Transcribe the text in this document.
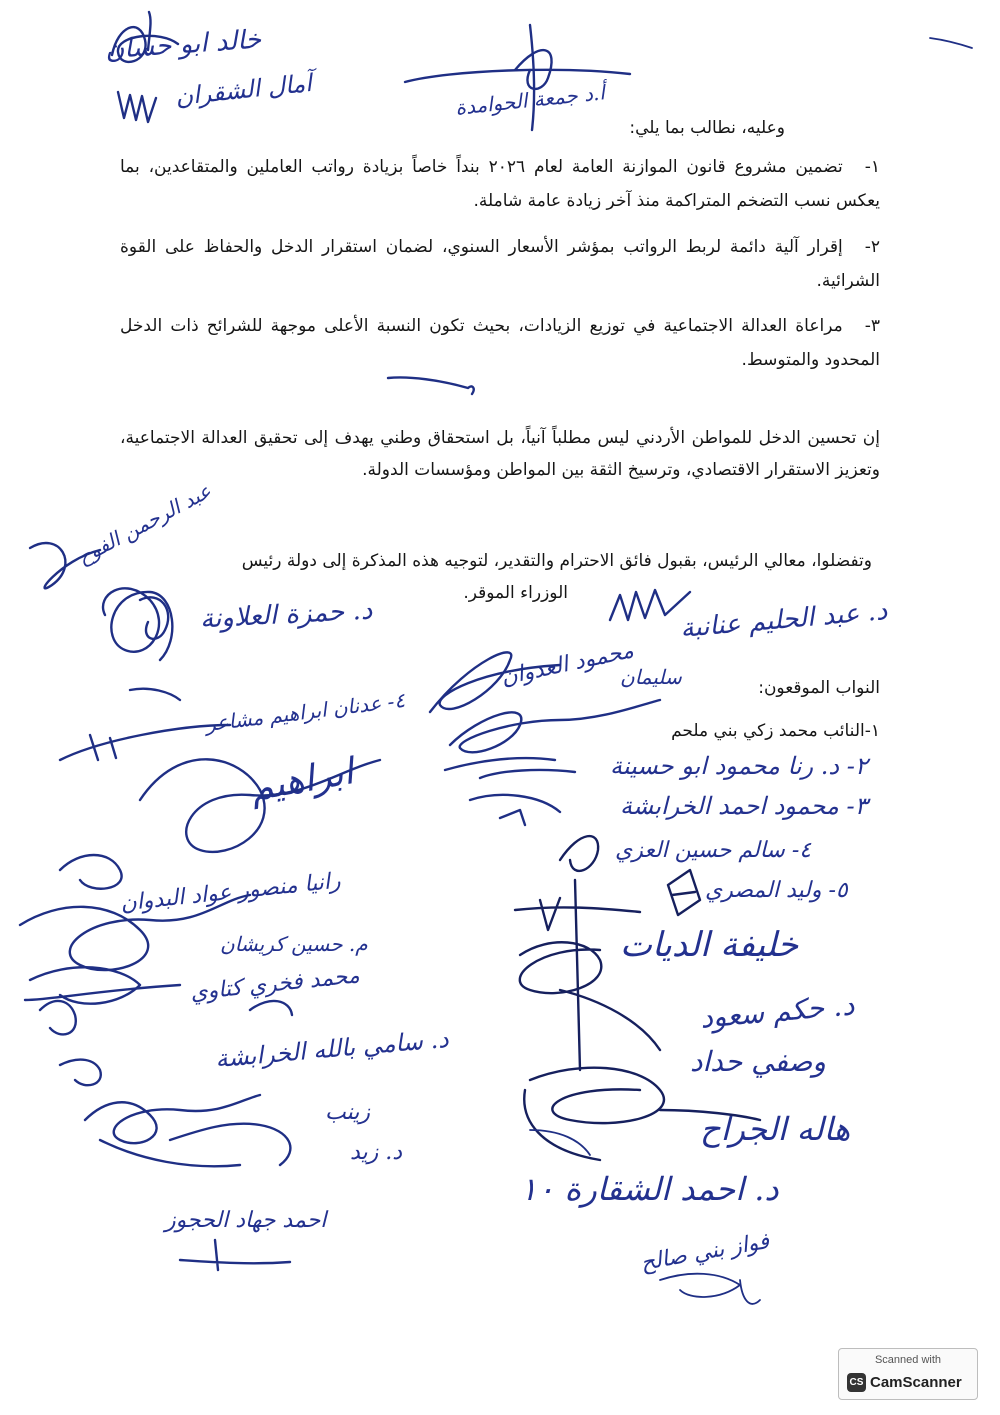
وعليه، نطالب بما يلي:
١-تضمين مشروع قانون الموازنة العامة لعام ٢٠٢٦ بنداً خاصاً بزيادة رواتب العاملين والمتقاعدين، بما يعكس نسب التضخم المتراكمة منذ آخر زيادة عامة شاملة.
٢-إقرار آلية دائمة لربط الرواتب بمؤشر الأسعار السنوي، لضمان استقرار الدخل والحفاظ على القوة الشرائية.
٣-مراعاة العدالة الاجتماعية في توزيع الزيادات، بحيث تكون النسبة الأعلى موجهة للشرائح ذات الدخل المحدود والمتوسط.
إن تحسين الدخل للمواطن الأردني ليس مطلباً آنياً، بل استحقاق وطني يهدف إلى تحقيق العدالة الاجتماعية، وتعزيز الاستقرار الاقتصادي، وترسيخ الثقة بين المواطن ومؤسسات الدولة.
وتفضلوا، معالي الرئيس، بقبول فائق الاحترام والتقدير، لتوجيه هذه المذكرة إلى دولة رئيس
الوزراء الموقر.
النواب الموقعون:
١-النائب محمد زكي بني ملحم
خالد ابو حسان
آمال الشقران	أ.د جمعة الحوامدة
عبد الرحمن الفوح
د. حمزة العلاونة	د. عبد الحليم عنانبة
محمود العدوان
سليمان
٤- عدنان ابراهيم مشاعر
ابراهيم	٢- د. رنا محمود ابو حسينة
٣- محمود احمد الخرابشة
٤- سالم حسين العزي
٥- وليد المصري
رانيا منصور عواد البدوان
م. حسين كريشان
محمد فخري كتاوي
خليفة الديات
د. حكم سعود
د. سامي بالله الخرابشة	وصفي حداد
هاله الجراح
د. احمد الشقارة ١٠
زينب
د. زيد
احمد جهاد الحجوز
فواز بني صالح
Scanned with
CS CamScanner
